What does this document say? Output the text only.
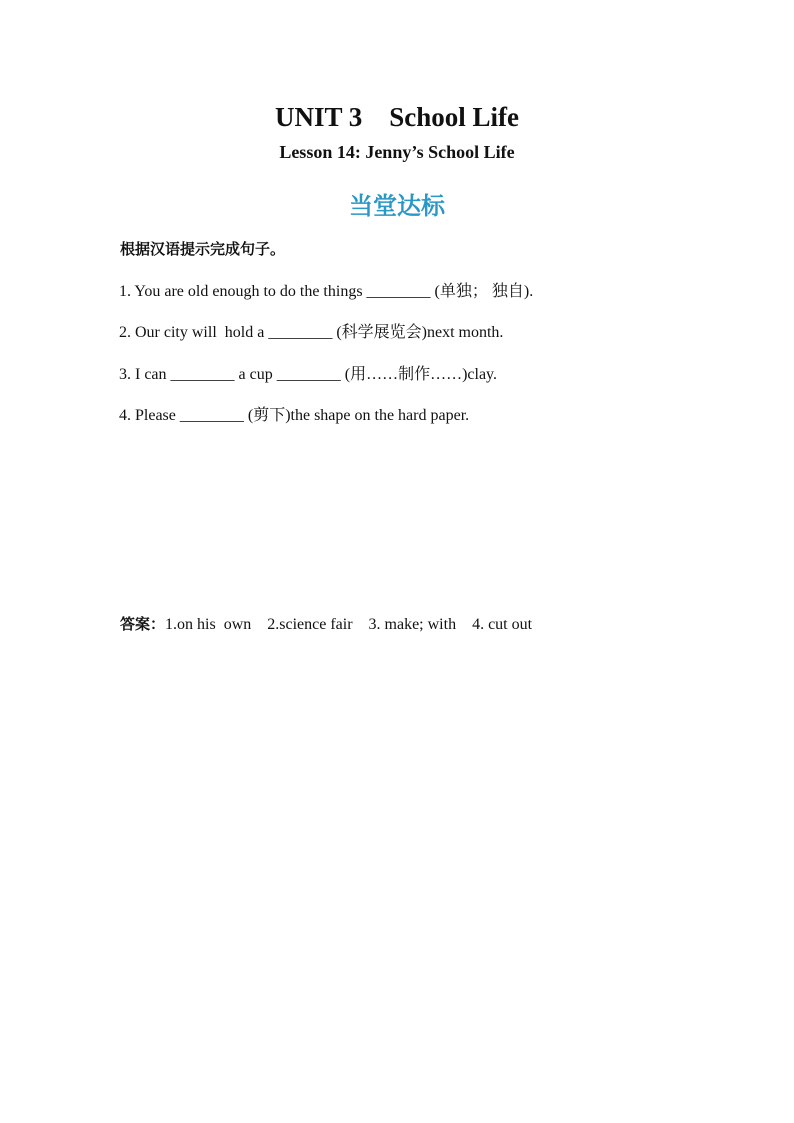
UNIT 3    School Life
Lesson 14: Jenny’s School Life
当堂达标
根据汉语提示完成句子。
1. You are old enough to do the things ________ (单独； 独自).
2. Our city will  hold a ________ (科学展览会)next month.
3. I can ________ a cup ________ (用……制作……)clay.
4. Please ________ (剪下)the shape on the hard paper.
答案：1.on his  own    2.science fair    3. make; with    4. cut out
